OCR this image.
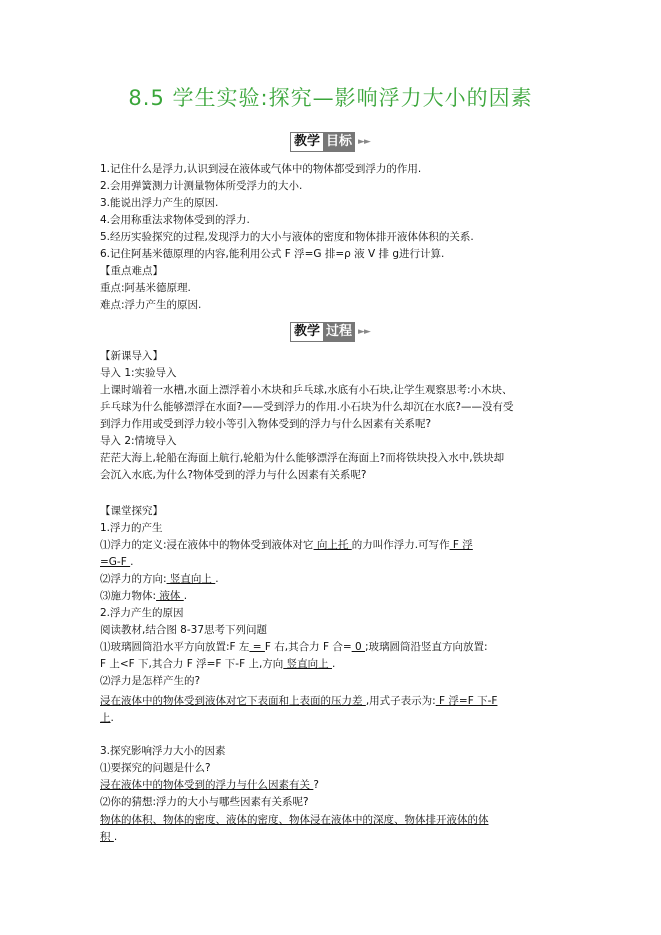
8.5 学生实验:探究—影响浮力大小的因素
教学 目标 ►►
1.记住什么是浮力,认识到浸在液体或气体中的物体都受到浮力的作用.
2.会用弹簧测力计测量物体所受浮力的大小.
3.能说出浮力产生的原因.
4.会用称重法求物体受到的浮力.
5.经历实验探究的过程,发现浮力的大小与液体的密度和物体排开液体体积的关系.
6.记住阿基米德原理的内容,能利用公式 F 浮=G 排=ρ 液 V 排 g进行计算.
【重点难点】
重点:阿基米德原理.
难点:浮力产生的原因.
教学 过程 ►►
【新课导入】
导入 1:实验导入
上课时端着一水槽,水面上漂浮着小木块和乒乓球,水底有小石块,让学生观察思考:小木块、
乒乓球为什么能够漂浮在水面?——受到浮力的作用.小石块为什么却沉在水底?——没有受
到浮力作用或受到浮力较小等引入物体受到的浮力与什么因素有关系呢?
导入 2:情境导入
茫茫大海上,轮船在海面上航行,轮船为什么能够漂浮在海面上?而将铁块投入水中,铁块却
会沉入水底,为什么?物体受到的浮力与什么因素有关系呢?
【课堂探究】
1.浮力的产生
⑴浮力的定义:浸在液体中的物体受到液体对它 向上托 的力叫作浮力.可写作 F 浮
=G-F .
⑵浮力的方向: 竖直向上 .
⑶施力物体: 液体 .
2.浮力产生的原因
阅读教材,结合图 8-37思考下列问题
⑴玻璃圆筒沿水平方向放置:F 左 = F 右,其合力 F 合= 0 ;玻璃圆筒沿竖直方向放置:
F 上<F 下,其合力 F 浮=F 下-F 上,方向 竖直向上 .
⑵浮力是怎样产生的?
浸在液体中的物体受到液体对它下表面和上表面的压力差 ,用式子表示为: F 浮=F 下-F
上.
3.探究影响浮力大小的因素
⑴要探究的问题是什么?
浸在液体中的物体受到的浮力与什么因素有关 ?
⑵你的猜想:浮力的大小与哪些因素有关系呢?
物体的体积、物体的密度、液体的密度、物体浸在液体中的深度、物体排开液体的体
积 .
